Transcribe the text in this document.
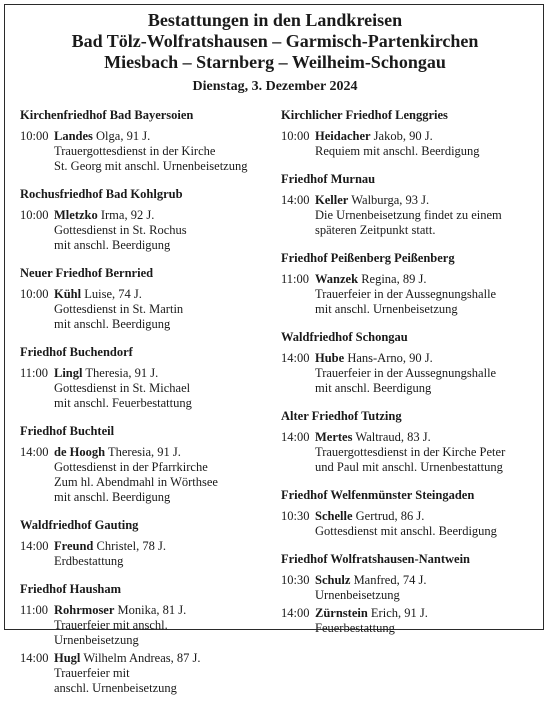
Bestattungen in den Landkreisen
Bad Tölz-Wolfratshausen – Garmisch-Partenkirchen
Miesbach – Starnberg – Weilheim-Schongau
Dienstag, 3. Dezember 2024
Kirchenfriedhof Bad Bayersoien
10:00 Landes Olga, 91 J.
Trauergottesdienst in der Kirche
St. Georg mit anschl. Urnenbeisetzung
Rochusfriedhof Bad Kohlgrub
10:00 Mletzko Irma, 92 J.
Gottesdienst in St. Rochus
mit anschl. Beerdigung
Neuer Friedhof Bernried
10:00 Kühl Luise, 74 J.
Gottesdienst in St. Martin
mit anschl. Beerdigung
Friedhof Buchendorf
11:00 Lingl Theresia, 91 J.
Gottesdienst in St. Michael
mit anschl. Feuerbestattung
Friedhof Buchteil
14:00 de Hoogh Theresia, 91 J.
Gottesdienst in der Pfarrkirche
Zum hl. Abendmahl in Wörthsee
mit anschl. Beerdigung
Waldfriedhof Gauting
14:00 Freund Christel, 78 J.
Erdbestattung
Friedhof Hausham
11:00 Rohrmoser Monika, 81 J.
Trauerfeier mit anschl.
Urnenbeisetzung
14:00 Hugl Wilhelm Andreas, 87 J.
Trauerfeier mit
anschl. Urnenbeisetzung
Kirchlicher Friedhof Lenggries
10:00 Heidacher Jakob, 90 J.
Requiem mit anschl. Beerdigung
Friedhof Murnau
14:00 Keller Walburga, 93 J.
Die Urnenbeisetzung findet zu einem
späteren Zeitpunkt statt.
Friedhof Peißenberg Peißenberg
11:00 Wanzek Regina, 89 J.
Trauerfeier in der Aussegnungshalle
mit anschl. Urnenbeisetzung
Waldfriedhof Schongau
14:00 Hube Hans-Arno, 90 J.
Trauerfeier in der Aussegnungshalle
mit anschl. Beerdigung
Alter Friedhof Tutzing
14:00 Mertes Waltraud, 83 J.
Trauergottesdienst in der Kirche Peter
und Paul mit anschl. Urnenbestattung
Friedhof Welfenmünster Steingaden
10:30 Schelle Gertrud, 86 J.
Gottesdienst mit anschl. Beerdigung
Friedhof Wolfratshausen-Nantwein
10:30 Schulz Manfred, 74 J.
Urnenbeisetzung
14:00 Zürnstein Erich, 91 J.
Feuerbestattung
